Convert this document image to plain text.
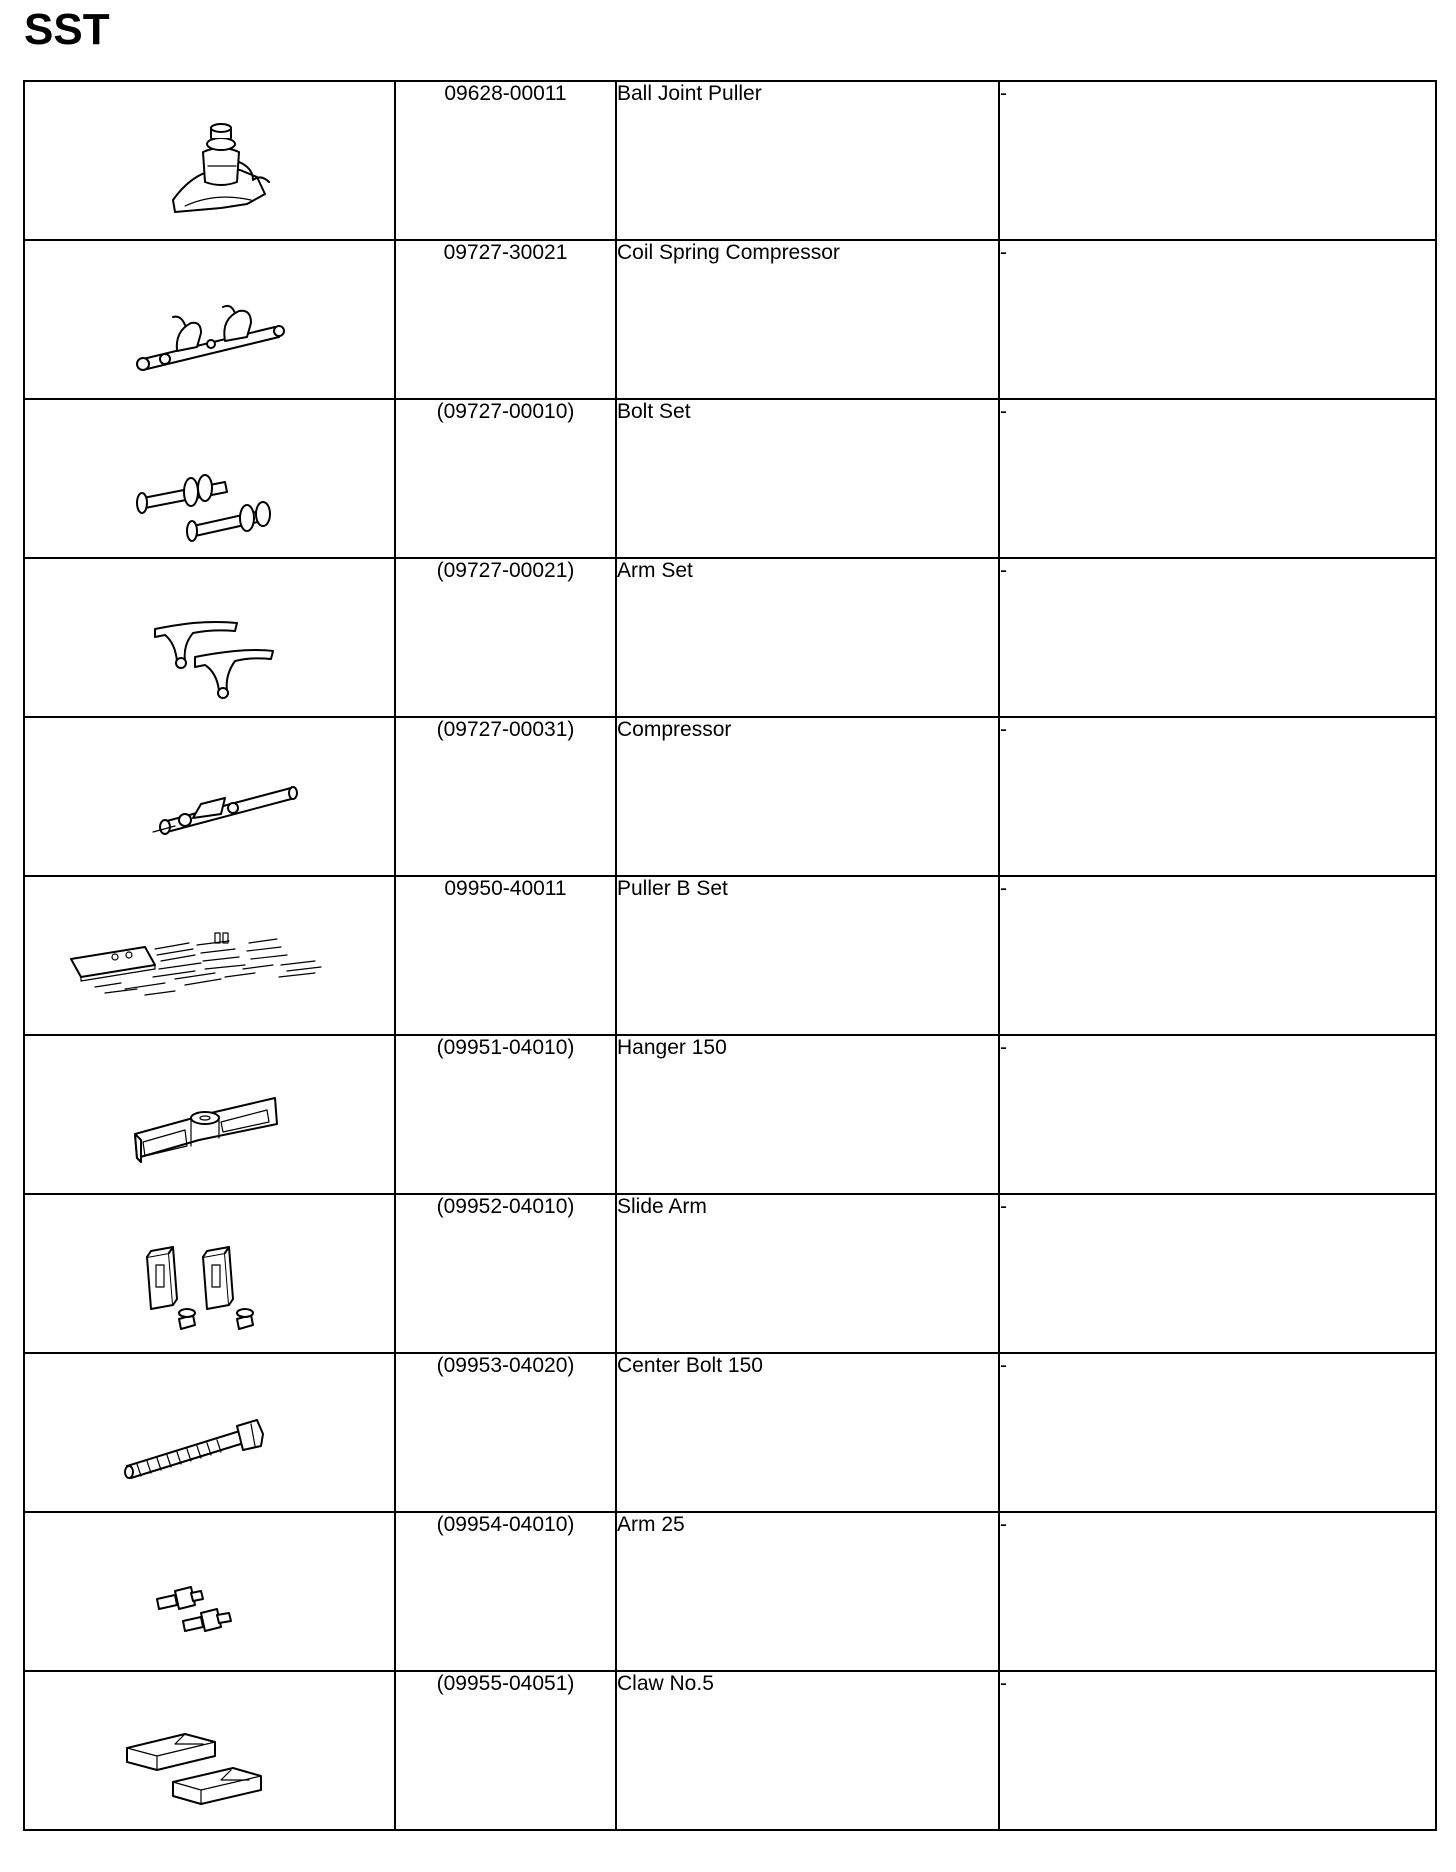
SST
	09628-00011	Ball Joint Puller	-

	09727-30021	Coil Spring Compressor	-

	(09727-00010)	Bolt Set	-

	(09727-00021)	Arm Set	-

	(09727-00031)	Compressor	-

	09950-40011	Puller B Set	-

	(09951-04010)	Hanger 150	-

	(09952-04010)	Slide Arm	-

	(09953-04020)	Center Bolt 150	-

	(09954-04010)	Arm 25	-

	(09955-04051)	Claw No.5	-
